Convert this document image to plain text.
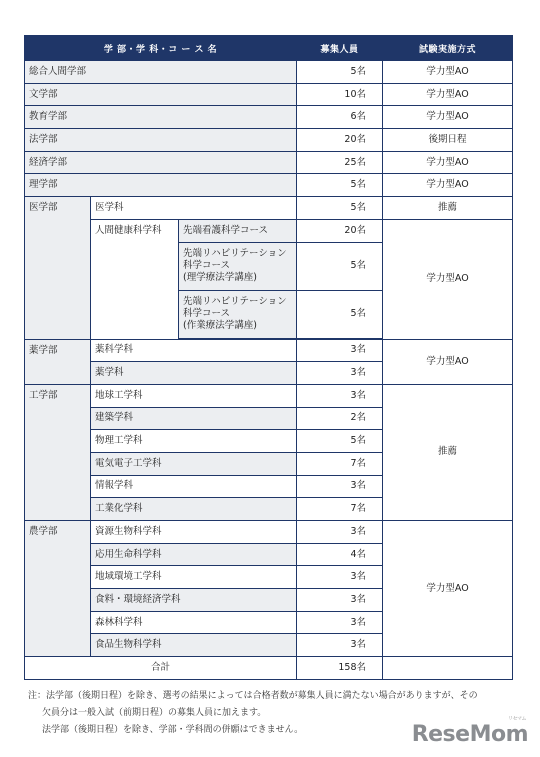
学 部・学 科・コ ー ス 名			募集人員	試験実施方式
総合人間学部			5名	学力型AO
文学部			10名	学力型AO
教育学部			6名	学力型AO
法学部			20名	後期日程
経済学部			25名	学力型AO
理学部			5名	学力型AO
医学部	医学科		5名	推薦
	人間健康科学科	先端看護科学コース	20名	学力型AO

		先端リハビリテーション
科学コース
(理学療法学講座)	5名	

		先端リハビリテーション
科学コース
(作業療法学講座)	5名	

薬学部	薬科学科		3名	学力型AO
	薬学科		3名	
工学部	地球工学科		3名	推薦
	建築学科		2名	
	物理工学科		5名	
	電気電子工学科		7名	
	情報学科		3名	
	工業化学科		7名	
農学部	資源生物科学科		3名	学力型AO
	応用生命科学科		4名	
	地域環境工学科		3名	
	食料・環境経済学科		3名	
	森林科学科		3名	
	食品生物科学科		3名	
合計			158名	
注：法学部（後期日程）を除き、選考の結果によっては合格者数が募集人員に満たない場合がありますが、その
欠員分は一般入試（前期日程）の募集人員に加えます。
法学部（後期日程）を除き、学部・学科間の併願はできません。
リセマム
ReseMom
